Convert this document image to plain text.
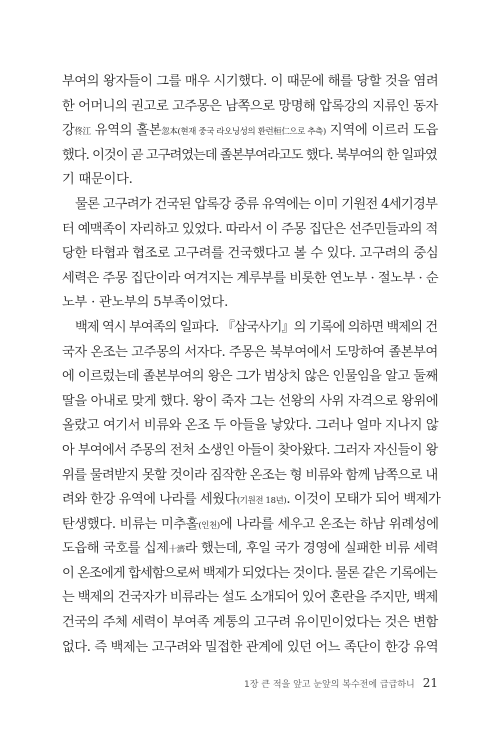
부여의 왕자들이 그를 매우 시기했다. 이 때문에 해를 당할 것을 염려

한 어머니의 권고로 고주몽은 남쪽으로 망명해 압록강의 지류인 동자

강佟江 유역의 홀본忽本(현재 중국 라오닝성의 환런桓仁으로 추측) 지역에 이르러 도읍

했다. 이것이 곧 고구려였는데 졸본부여라고도 했다. 북부여의 한 일파였

기 때문이다.

물론 고구려가 건국된 압록강 중류 유역에는 이미 기원전 4세기경부

터 예맥족이 자리하고 있었다. 따라서 이 주몽 집단은 선주민들과의 적

당한 타협과 협조로 고구려를 건국했다고 볼 수 있다. 고구려의 중심

세력은 주몽 집단이라 여겨지는 계루부를 비롯한 연노부 · 절노부 · 순

노부 · 관노부의 5부족이었다.

백제 역시 부여족의 일파다. 『삼국사기』의 기록에 의하면 백제의 건

국자 온조는 고주몽의 서자다. 주몽은 북부여에서 도망하여 졸본부여

에 이르렀는데 졸본부여의 왕은 그가 범상치 않은 인물임을 알고 둘째

딸을 아내로 맞게 했다. 왕이 죽자 그는 선왕의 사위 자격으로 왕위에

올랐고 여기서 비류와 온조 두 아들을 낳았다. 그러나 얼마 지나지 않

아 부여에서 주몽의 전처 소생인 아들이 찾아왔다. 그러자 자신들이 왕

위를 물려받지 못할 것이라 짐작한 온조는 형 비류와 함께 남쪽으로 내

려와 한강 유역에 나라를 세웠다(기원전 18년). 이것이 모태가 되어 백제가

탄생했다. 비류는 미추홀(인천)에 나라를 세우고 온조는 하남 위례성에

도읍해 국호를 십제十濟라 했는데, 후일 국가 경영에 실패한 비류 세력

이 온조에게 합세함으로써 백제가 되었다는 것이다. 물론 같은 기록에는

는 백제의 건국자가 비류라는 설도 소개되어 있어 혼란을 주지만, 백제

건국의 주체 세력이 부여족 계통의 고구려 유이민이었다는 것은 변함

없다. 즉 백제는 고구려와 밀접한 관계에 있던 어느 족단이 한강 유역

1장 큰 적을 앞고 눈앞의 복수전에 급급하니 21
